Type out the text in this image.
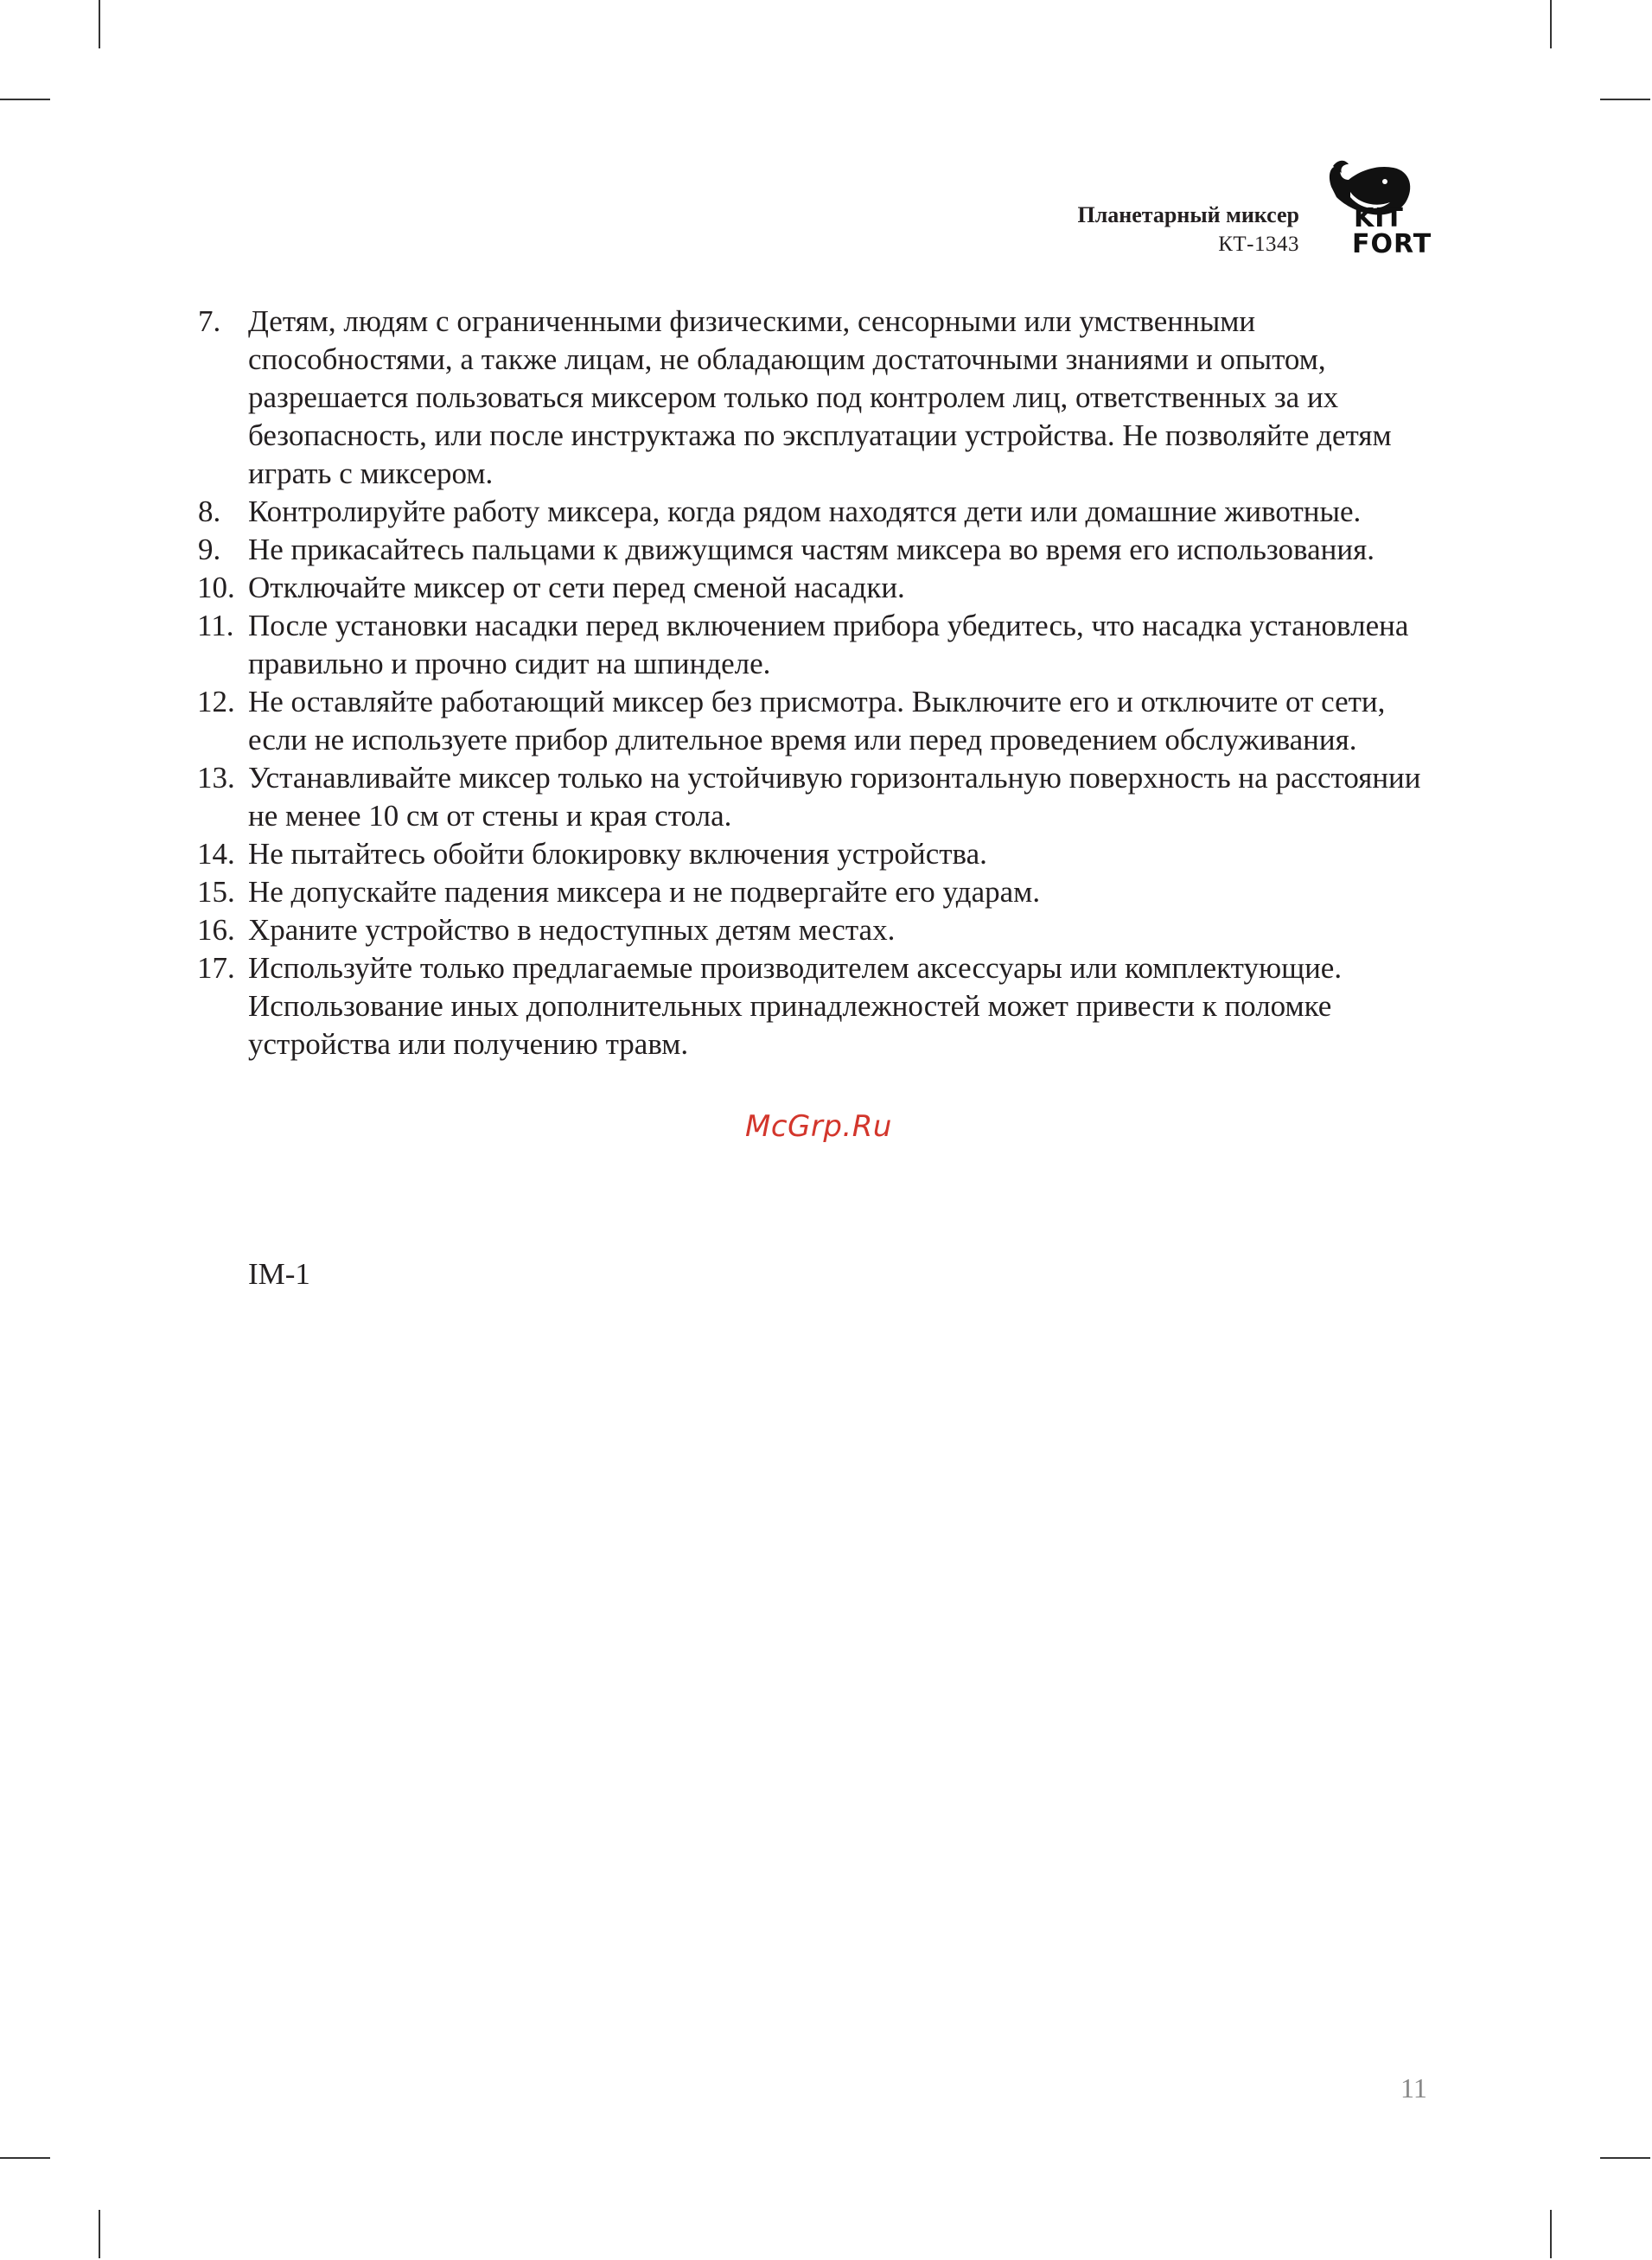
Планетарный миксер
КТ-1343
KIT
FORT
7. Детям, людям с ограниченными физическими, сенсорными или умственными способностями, а также лицам, не обладающим достаточными знаниями и опытом, разрешается пользоваться миксером только под контролем лиц, ответственных за их безопасность, или после инструктажа по эксплуатации устройства. Не позволяйте детям играть с миксером.
8. Контролируйте работу миксера, когда рядом находятся дети или домашние животные.
9. Не прикасайтесь пальцами к движущимся частям миксера во время его использования.
10. Отключайте миксер от сети перед сменой насадки.
11. После установки насадки перед включением прибора убедитесь, что насадка установлена правильно и прочно сидит на шпинделе.
12. Не оставляйте работающий миксер без присмотра. Выключите его и отключите от сети, если не используете прибор длительное время или перед проведением обслуживания.
13. Устанавливайте миксер только на устойчивую горизонтальную поверхность на расстоянии не менее 10 см от стены и края стола.
14. Не пытайтесь обойти блокировку включения устройства.
15. Не допускайте падения миксера и не подвергайте его ударам.
16. Храните устройство в недоступных детям местах.
17. Используйте только предлагаемые производителем аксессуары или комплектующие. Использование иных дополнительных принадлежностей может привести к поломке устройства или получению травм.
McGrp.Ru
IM-1
11
